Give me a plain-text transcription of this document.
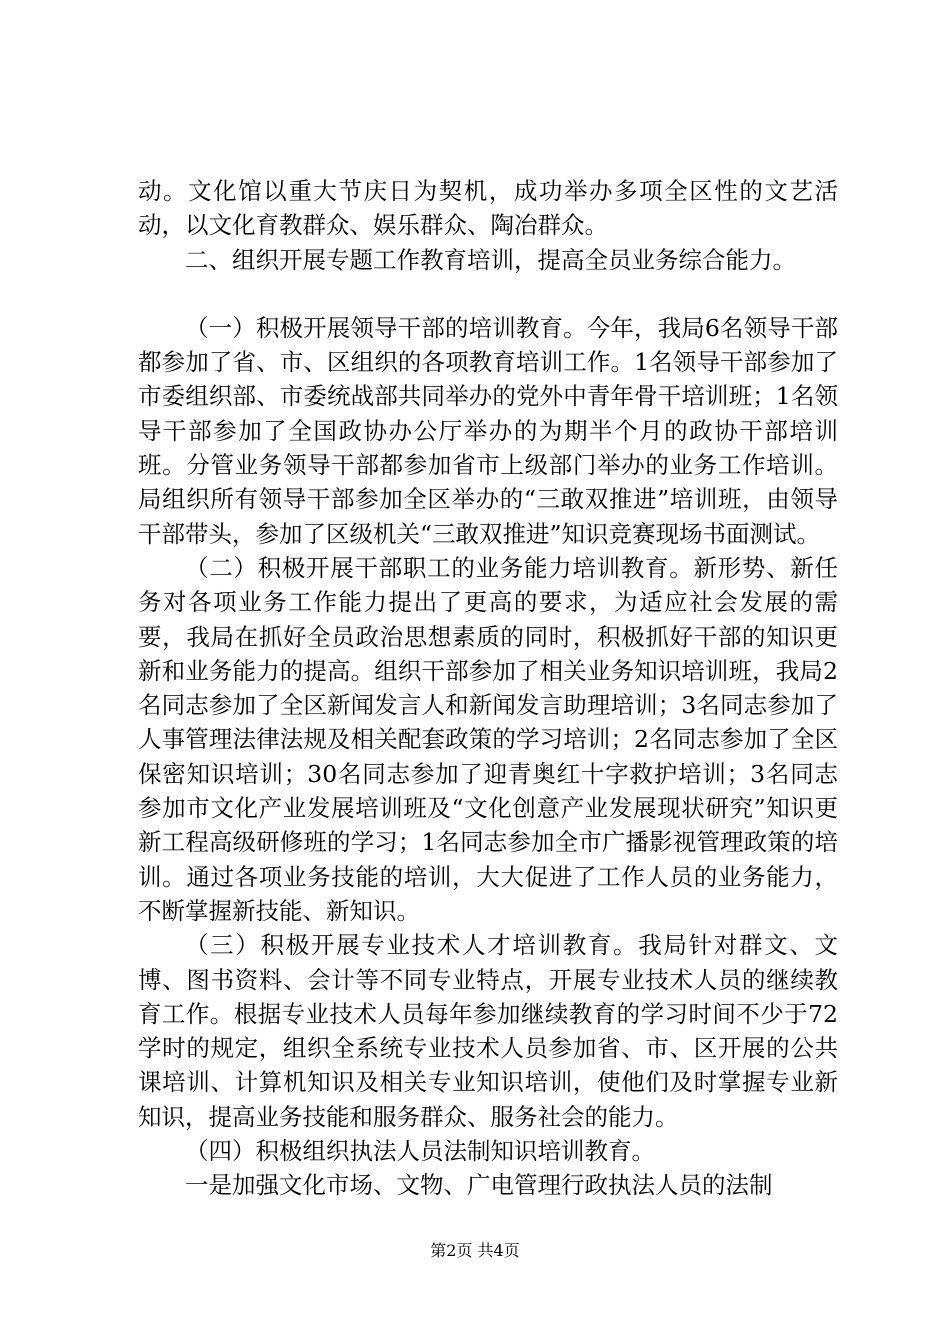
动。文化馆以重大节庆日为契机，成功举办多项全区性的文艺活动，以文化育教群众、娱乐群众、陶冶群众。

二、组织开展专题工作教育培训，提高全员业务综合能力。

（一）积极开展领导干部的培训教育。今年，我局6名领导干部都参加了省、市、区组织的各项教育培训工作。1名领导干部参加了市委组织部、市委统战部共同举办的党外中青年骨干培训班；1名领导干部参加了全国政协办公厅举办的为期半个月的政协干部培训班。分管业务领导干部都参加省市上级部门举办的业务工作培训。局组织所有领导干部参加全区举办的“三敢双推进”培训班，由领导干部带头，参加了区级机关“三敢双推进”知识竞赛现场书面测试。

（二）积极开展干部职工的业务能力培训教育。新形势、新任务对各项业务工作能力提出了更高的要求，为适应社会发展的需要，我局在抓好全员政治思想素质的同时，积极抓好干部的知识更新和业务能力的提高。组织干部参加了相关业务知识培训班，我局2名同志参加了全区新闻发言人和新闻发言助理培训；3名同志参加了人事管理法律法规及相关配套政策的学习培训；2名同志参加了全区保密知识培训；30名同志参加了迎青奥红十字救护培训；3名同志参加市文化产业发展培训班及“文化创意产业发展现状研究”知识更新工程高级研修班的学习；1名同志参加全市广播影视管理政策的培训。通过各项业务技能的培训，大大促进了工作人员的业务能力，不断掌握新技能、新知识。

（三）积极开展专业技术人才培训教育。我局针对群文、文博、图书资料、会计等不同专业特点，开展专业技术人员的继续教育工作。根据专业技术人员每年参加继续教育的学习时间不少于72学时的规定，组织全系统专业技术人员参加省、市、区开展的公共课培训、计算机知识及相关专业知识培训，使他们及时掌握专业新知识，提高业务技能和服务群众、服务社会的能力。

（四）积极组织执法人员法制知识培训教育。

一是加强文化市场、文物、广电管理行政执法人员的法制

第2页 共4页
